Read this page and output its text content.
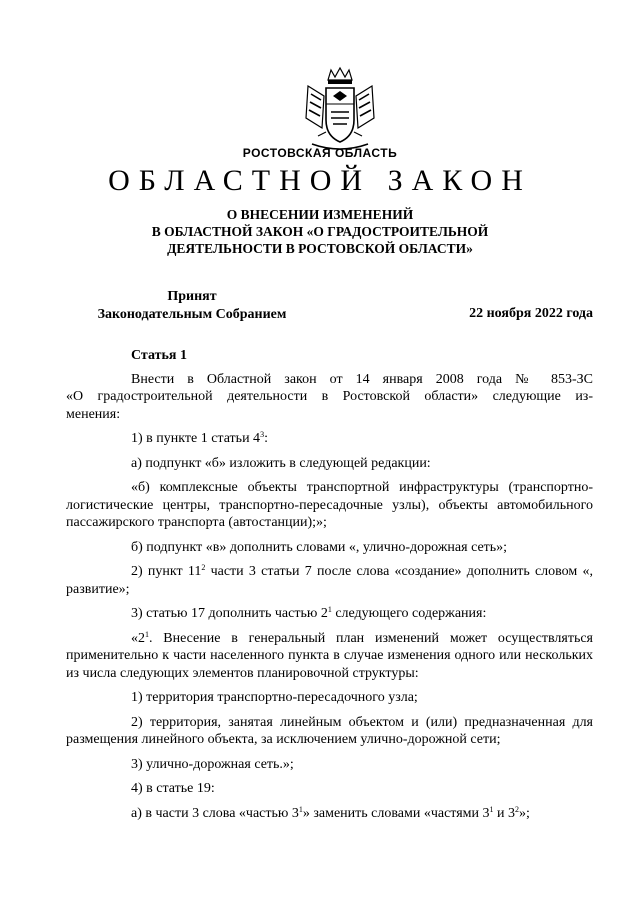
РОСТОВСКАЯ ОБЛАСТЬ
ОБЛАСТНОЙ ЗАКОН
О ВНЕСЕНИИ ИЗМЕНЕНИЙ
В ОБЛАСТНОЙ ЗАКОН «О ГРАДОСТРОИТЕЛЬНОЙ
ДЕЯТЕЛЬНОСТИ В РОСТОВСКОЙ ОБЛАСТИ»
Принят
Законодательным Собранием	22 ноября 2022 года
Статья 1

Внести в Областной закон от 14 января 2008 года № 853-ЗС
«О градостроительной деятельности в Ростовской области» следующие из-
менения:

1) в пункте 1 статьи $4^3$:

а) подпункт «б» изложить в следующей редакции:

«б) комплексные объекты транспортной инфраструктуры (транспортно-логистические центры, транспортно-пересадочные узлы), объекты автомобильного пассажирского транспорта (автостанции);»;

б) подпункт «в» дополнить словами «, улично-дорожная сеть»;

2) пункт $11^2$ части 3 статьи 7 после слова «создание» дополнить словом «, развитие»;

3) статью 17 дополнить частью $2^1$ следующего содержания:

«$2^1$. Внесение в генеральный план изменений может осуществляться применительно к части населенного пункта в случае изменения одного или нескольких из числа следующих элементов планировочной структуры:

1) территория транспортно-пересадочного узла;

2) территория, занятая линейным объектом и (или) предназначенная для размещения линейного объекта, за исключением улично-дорожной сети;

3) улично-дорожная сеть.»;

4) в статье 19:

а) в части 3 слова «частью $3^1$» заменить словами «частями $3^1$ и $3^2$»;
